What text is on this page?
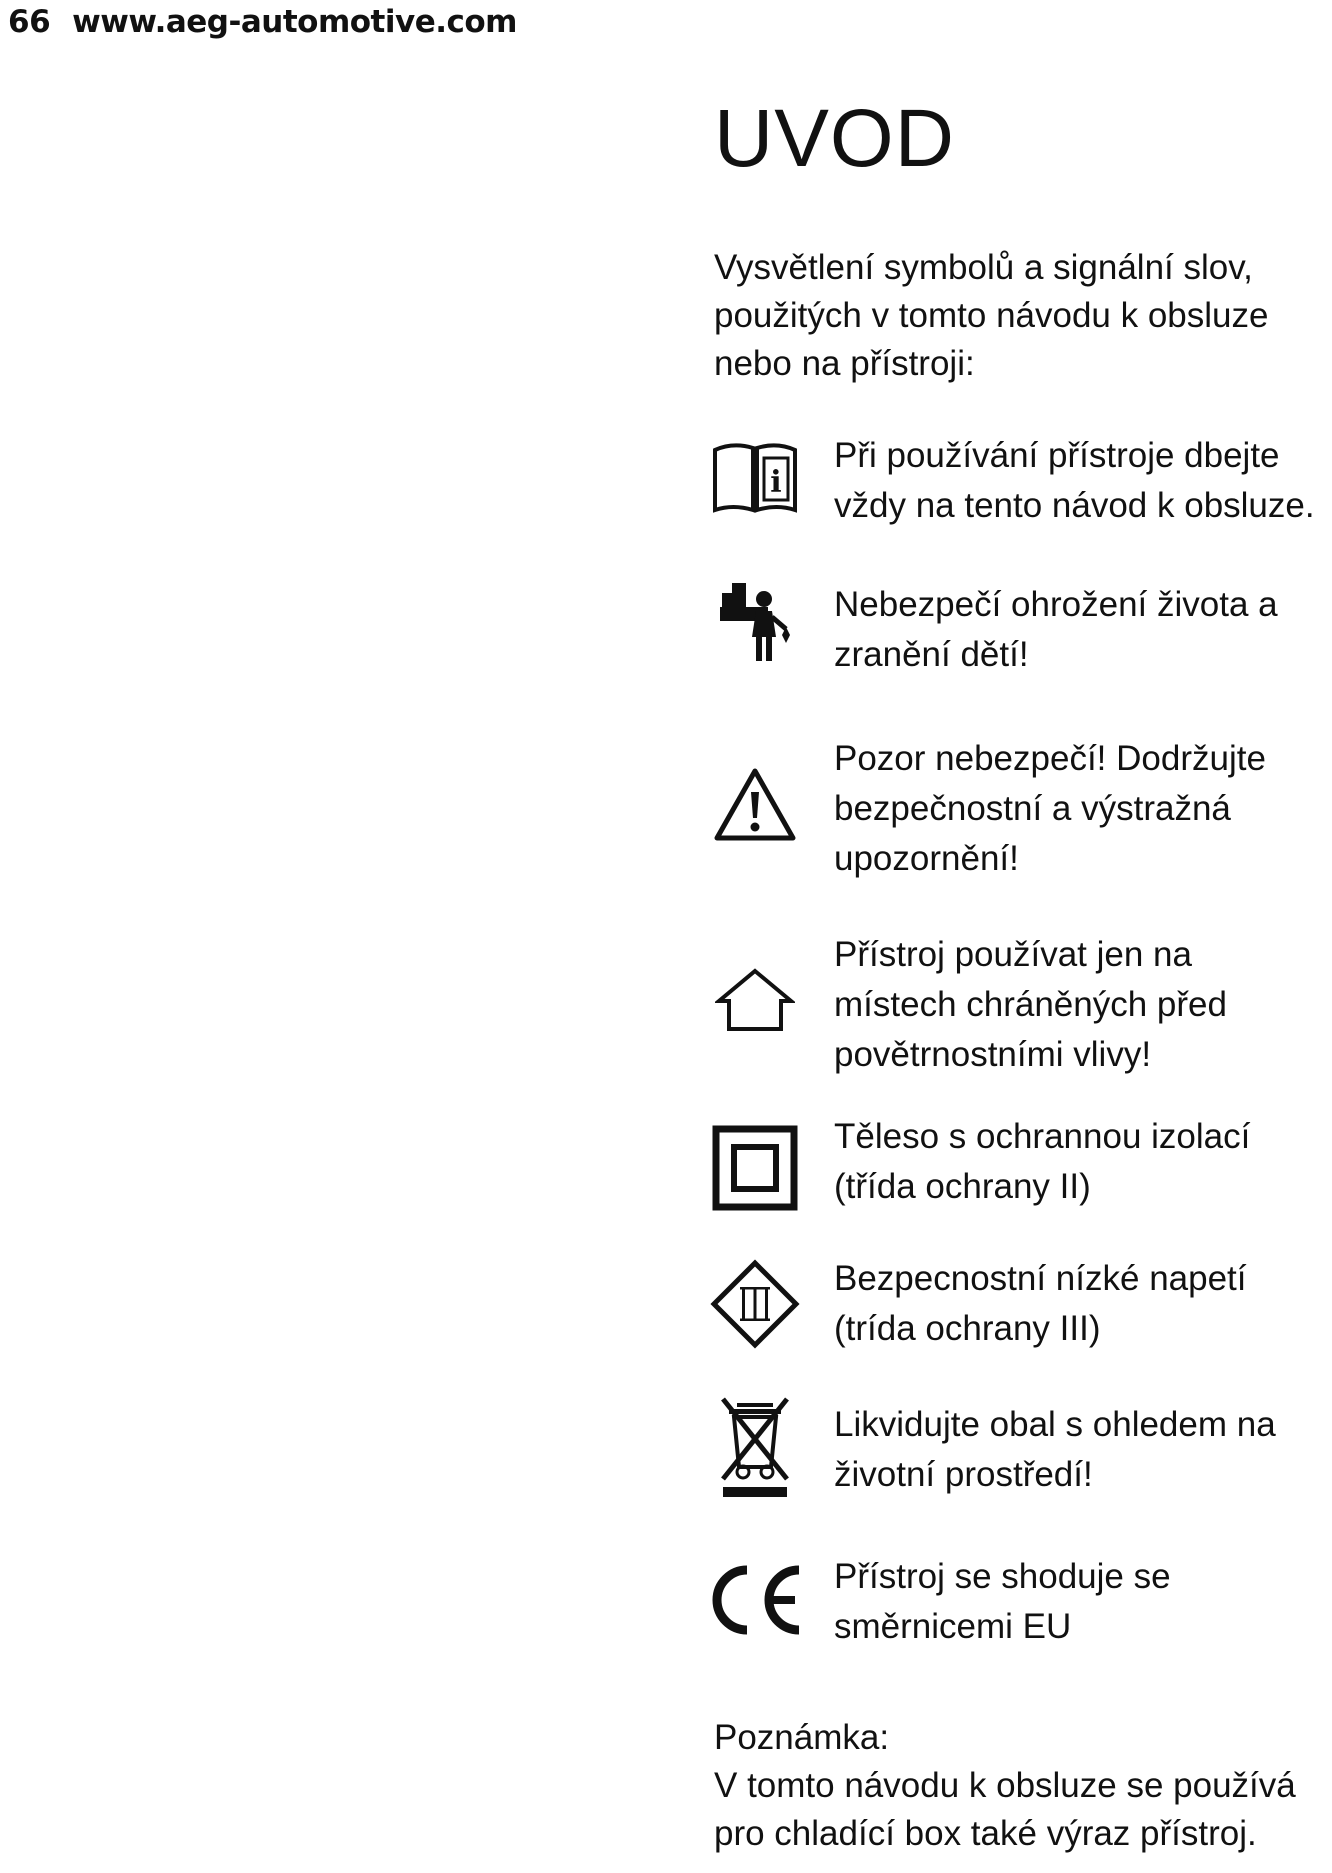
66 www.aeg-automotive.com
UVOD

Vysvětlení symbolů a signální slov, použitých v tomto návodu k obsluze nebo na přístroji:

i
Při používání přístroje dbejte
vždy na tento návod k obsluze.
Nebezpečí ohrožení života a
zranění dětí!
Pozor nebezpečí! Dodržujte
bezpečnostní a výstražná
upozornění!
Přístroj používat jen na
místech chráněných před
povětrnostními vlivy!
Těleso s ochrannou izolací
(třída ochrany II)
Bezpecnostní nízké napetí
(trída ochrany III)
Likvidujte obal s ohledem na
životní prostředí!
Přístroj se shoduje se
směrnicemi EU
Poznámka:
V tomto návodu k obsluze se používá pro chladící box také výraz přístroj.
